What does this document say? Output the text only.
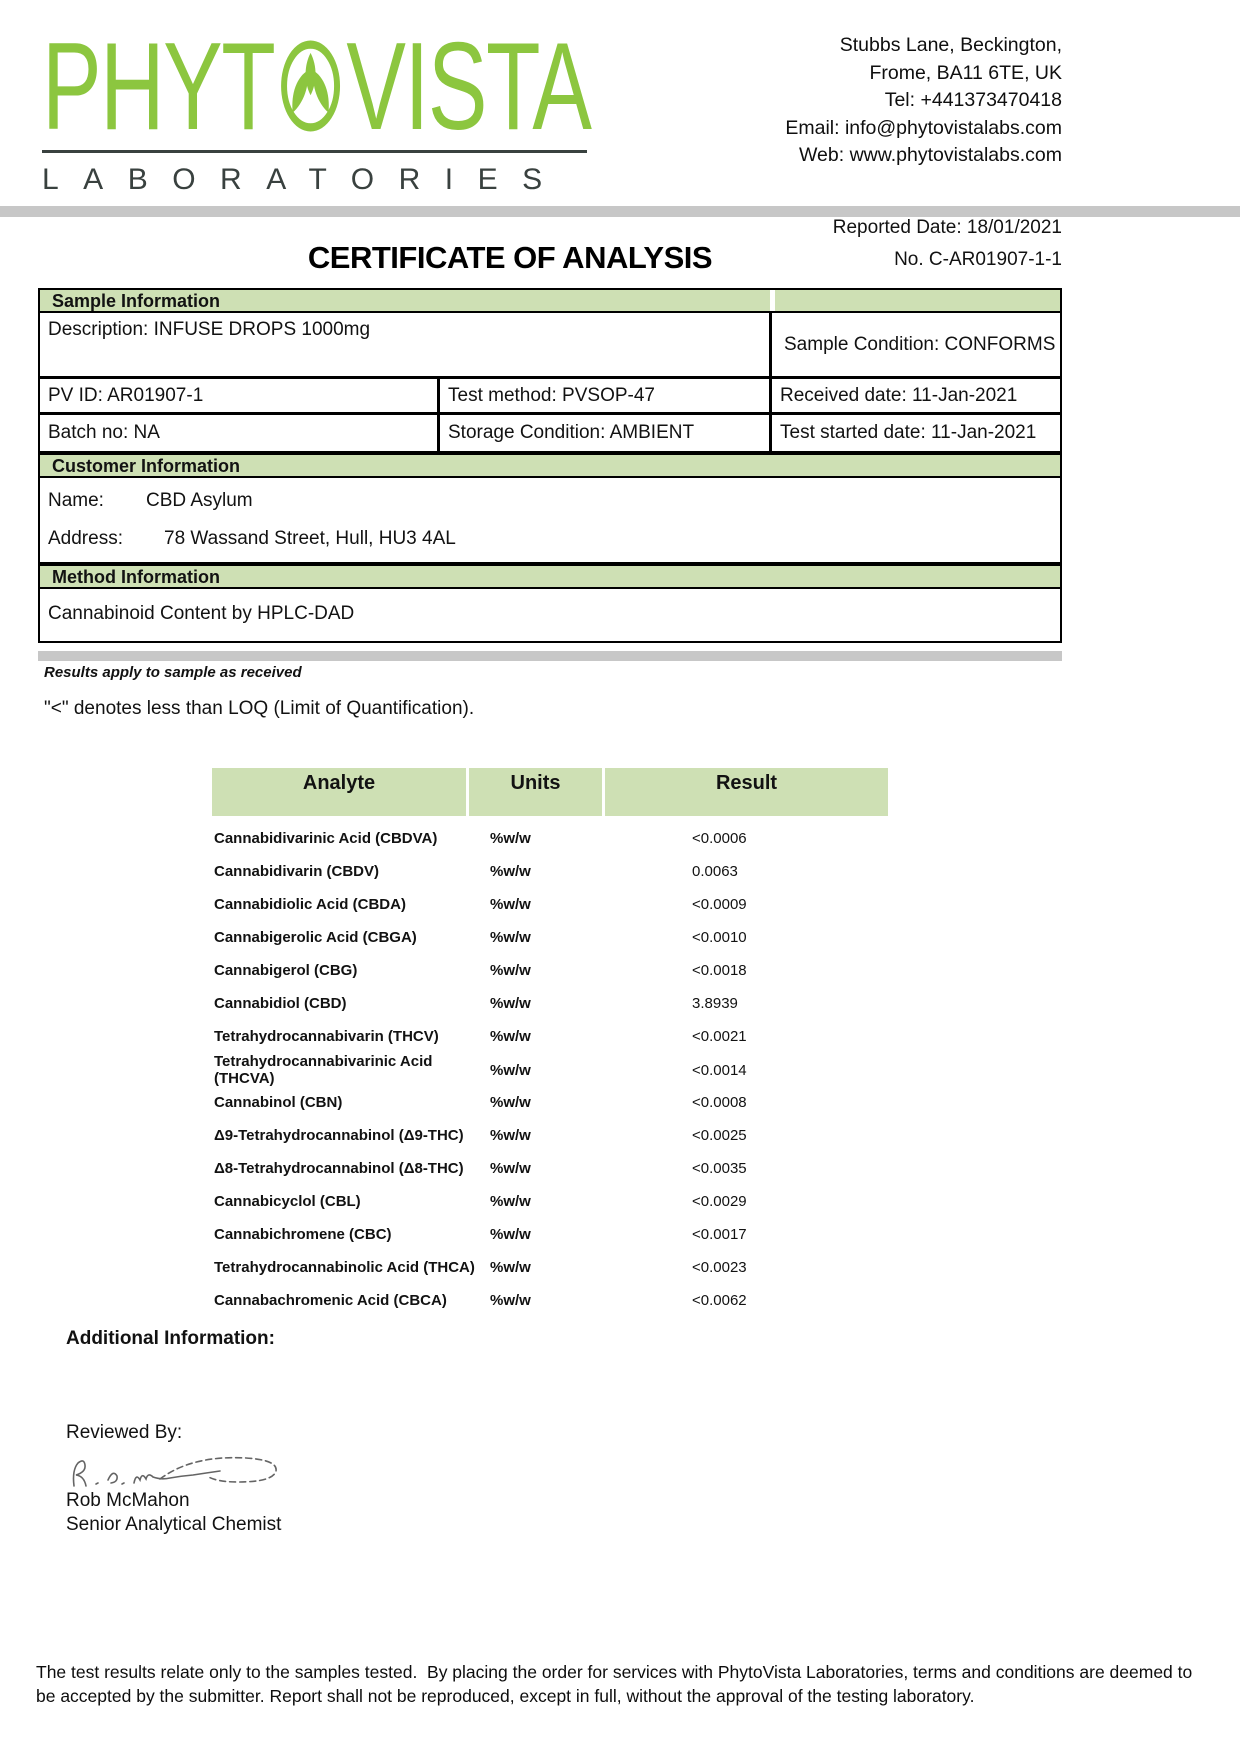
PHYT VISTA
LABORATORIES
Stubbs Lane, Beckington,
Frome, BA11 6TE, UK
Tel: +441373470418
Email: info@phytovistalabs.com
Web: www.phytovistalabs.com
Reported Date: 18/01/2021
CERTIFICATE OF ANALYSIS	No. C-AR01907-1-1
Sample Information
Description: INFUSE DROPS 1000mg
Sample Condition: CONFORMS
PV ID: AR01907-1	Test method: PVSOP-47	Received date: 11-Jan-2021
Batch no: NA	Storage Condition: AMBIENT	Test started date: 11-Jan-2021
Customer Information
Name:	CBD Asylum
Address: 78 Wassand Street, Hull, HU3 4AL
Method Information
Cannabinoid Content by HPLC-DAD
Results apply to sample as received
"<" denotes less than LOQ (Limit of Quantification).
Analyte	Units	Result
Cannabidivarinic Acid (CBDVA)	%w/w	<0.0006
Cannabidivarin (CBDV)	%w/w	0.0063
Cannabidiolic Acid (CBDA)	%w/w	<0.0009
Cannabigerolic Acid (CBGA)	%w/w	<0.0010
Cannabigerol (CBG)	%w/w	<0.0018
Cannabidiol (CBD)	%w/w	3.8939
Tetrahydrocannabivarin (THCV)	%w/w	<0.0021
Tetrahydrocannabivarinic Acid (THCVA)	%w/w	<0.0014
Cannabinol (CBN)	%w/w	<0.0008
Δ9-Tetrahydrocannabinol (Δ9-THC)	%w/w	<0.0025
Δ8-Tetrahydrocannabinol (Δ8-THC)	%w/w	<0.0035
Cannabicyclol (CBL)	%w/w	<0.0029
Cannabichromene (CBC)	%w/w	<0.0017
Tetrahydrocannabinolic Acid (THCA)	%w/w	<0.0023
Cannabachromenic Acid (CBCA)	%w/w	<0.0062
Additional Information:
Reviewed By:
Rob McMahon
Senior Analytical Chemist
The test results relate only to the samples tested.  By placing the order for services with PhytoVista Laboratories, terms and conditions are deemed to be accepted by the submitter. Report shall not be reproduced, except in full, without the approval of the testing laboratory.
